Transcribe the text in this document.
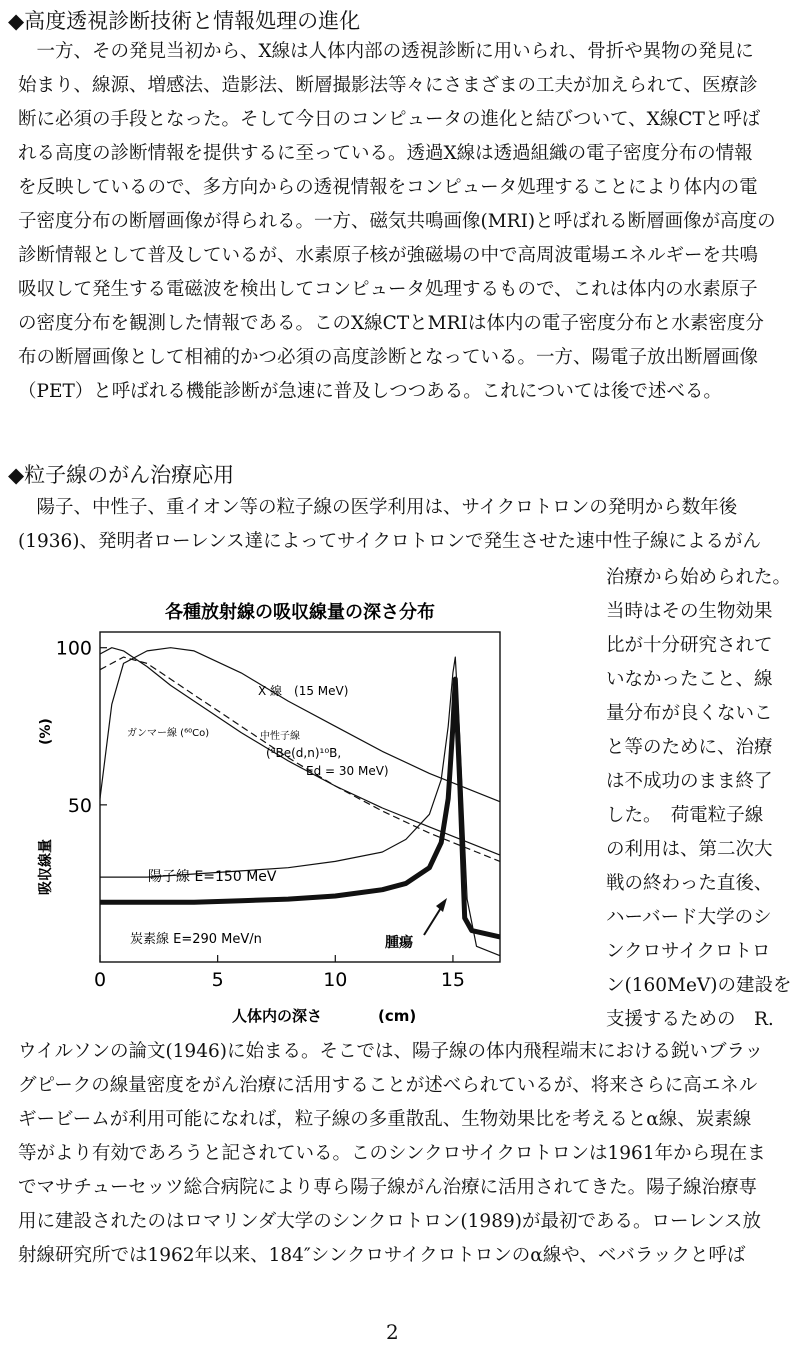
◆高度透視診断技術と情報処理の進化
　一方、その発見当初から、X線は人体内部の透視診断に用いられ、骨折や異物の発見に
始まり、線源、増感法、造影法、断層撮影法等々にさまざまの工夫が加えられて、医療診
断に必須の手段となった。そして今日のコンピュータの進化と結びついて、X線CTと呼ば
れる高度の診断情報を提供するに至っている。透過X線は透過組織の電子密度分布の情報
を反映しているので、多方向からの透視情報をコンピュータ処理することにより体内の電
子密度分布の断層画像が得られる。一方、磁気共鳴画像(MRI)と呼ばれる断層画像が高度の
診断情報として普及しているが、水素原子核が強磁場の中で高周波電場エネルギーを共鳴
吸収して発生する電磁波を検出してコンピュータ処理するもので、これは体内の水素原子
の密度分布を観測した情報である。このX線CTとMRIは体内の電子密度分布と水素密度分
布の断層画像として相補的かつ必須の高度診断となっている。一方、陽電子放出断層画像
（PET）と呼ばれる機能診断が急速に普及しつつある。これについては後で述べる。
◆粒子線のがん治療応用
　陽子、中性子、重イオン等の粒子線の医学利用は、サイクロトロンの発明から数年後
(1936)、発明者ローレンス達によってサイクロトロンで発生させた速中性子線によるがん
治療から始められた。
当時はその生物効果
比が十分研究されて
いなかったこと、線
量分布が良くないこ
と等のために、治療
は不成功のまま終了
した。　荷電粒子線
の利用は、第二次大
戦の終わった直後、
ハーバード大学のシ
ンクロサイクロトロ
ン(160MeV)の建設を
支援するための　R.
各種放射線の吸収線量の深さ分布
0	5	10	15
50
100
X 線　(15 MeV)
ガンマー線 (⁶⁰Co)	中性子線
(⁹Be(d,n)¹⁰B,
Ed = 30 MeV)
陽子線 E=150 MeV
炭素線 E=290 MeV/n	腫瘍
吸収線量
(%)
人体内の深さ	(cm)
ウイルソンの論文(1946)に始まる。そこでは、陽子線の体内飛程端末における鋭いブラッ
グピークの線量密度をがん治療に活用することが述べられているが、将来さらに高エネル
ギービームが利用可能になれば，粒子線の多重散乱、生物効果比を考えるとα線、炭素線
等がより有効であろうと記されている。このシンクロサイクロトロンは1961年から現在ま
でマサチューセッツ総合病院により専ら陽子線がん治療に活用されてきた。陽子線治療専
用に建設されたのはロマリンダ大学のシンクロトロン(1989)が最初である。ローレンス放
射線研究所では1962年以来、184″シンクロサイクロトロンのα線や、ベバラックと呼ば
2
